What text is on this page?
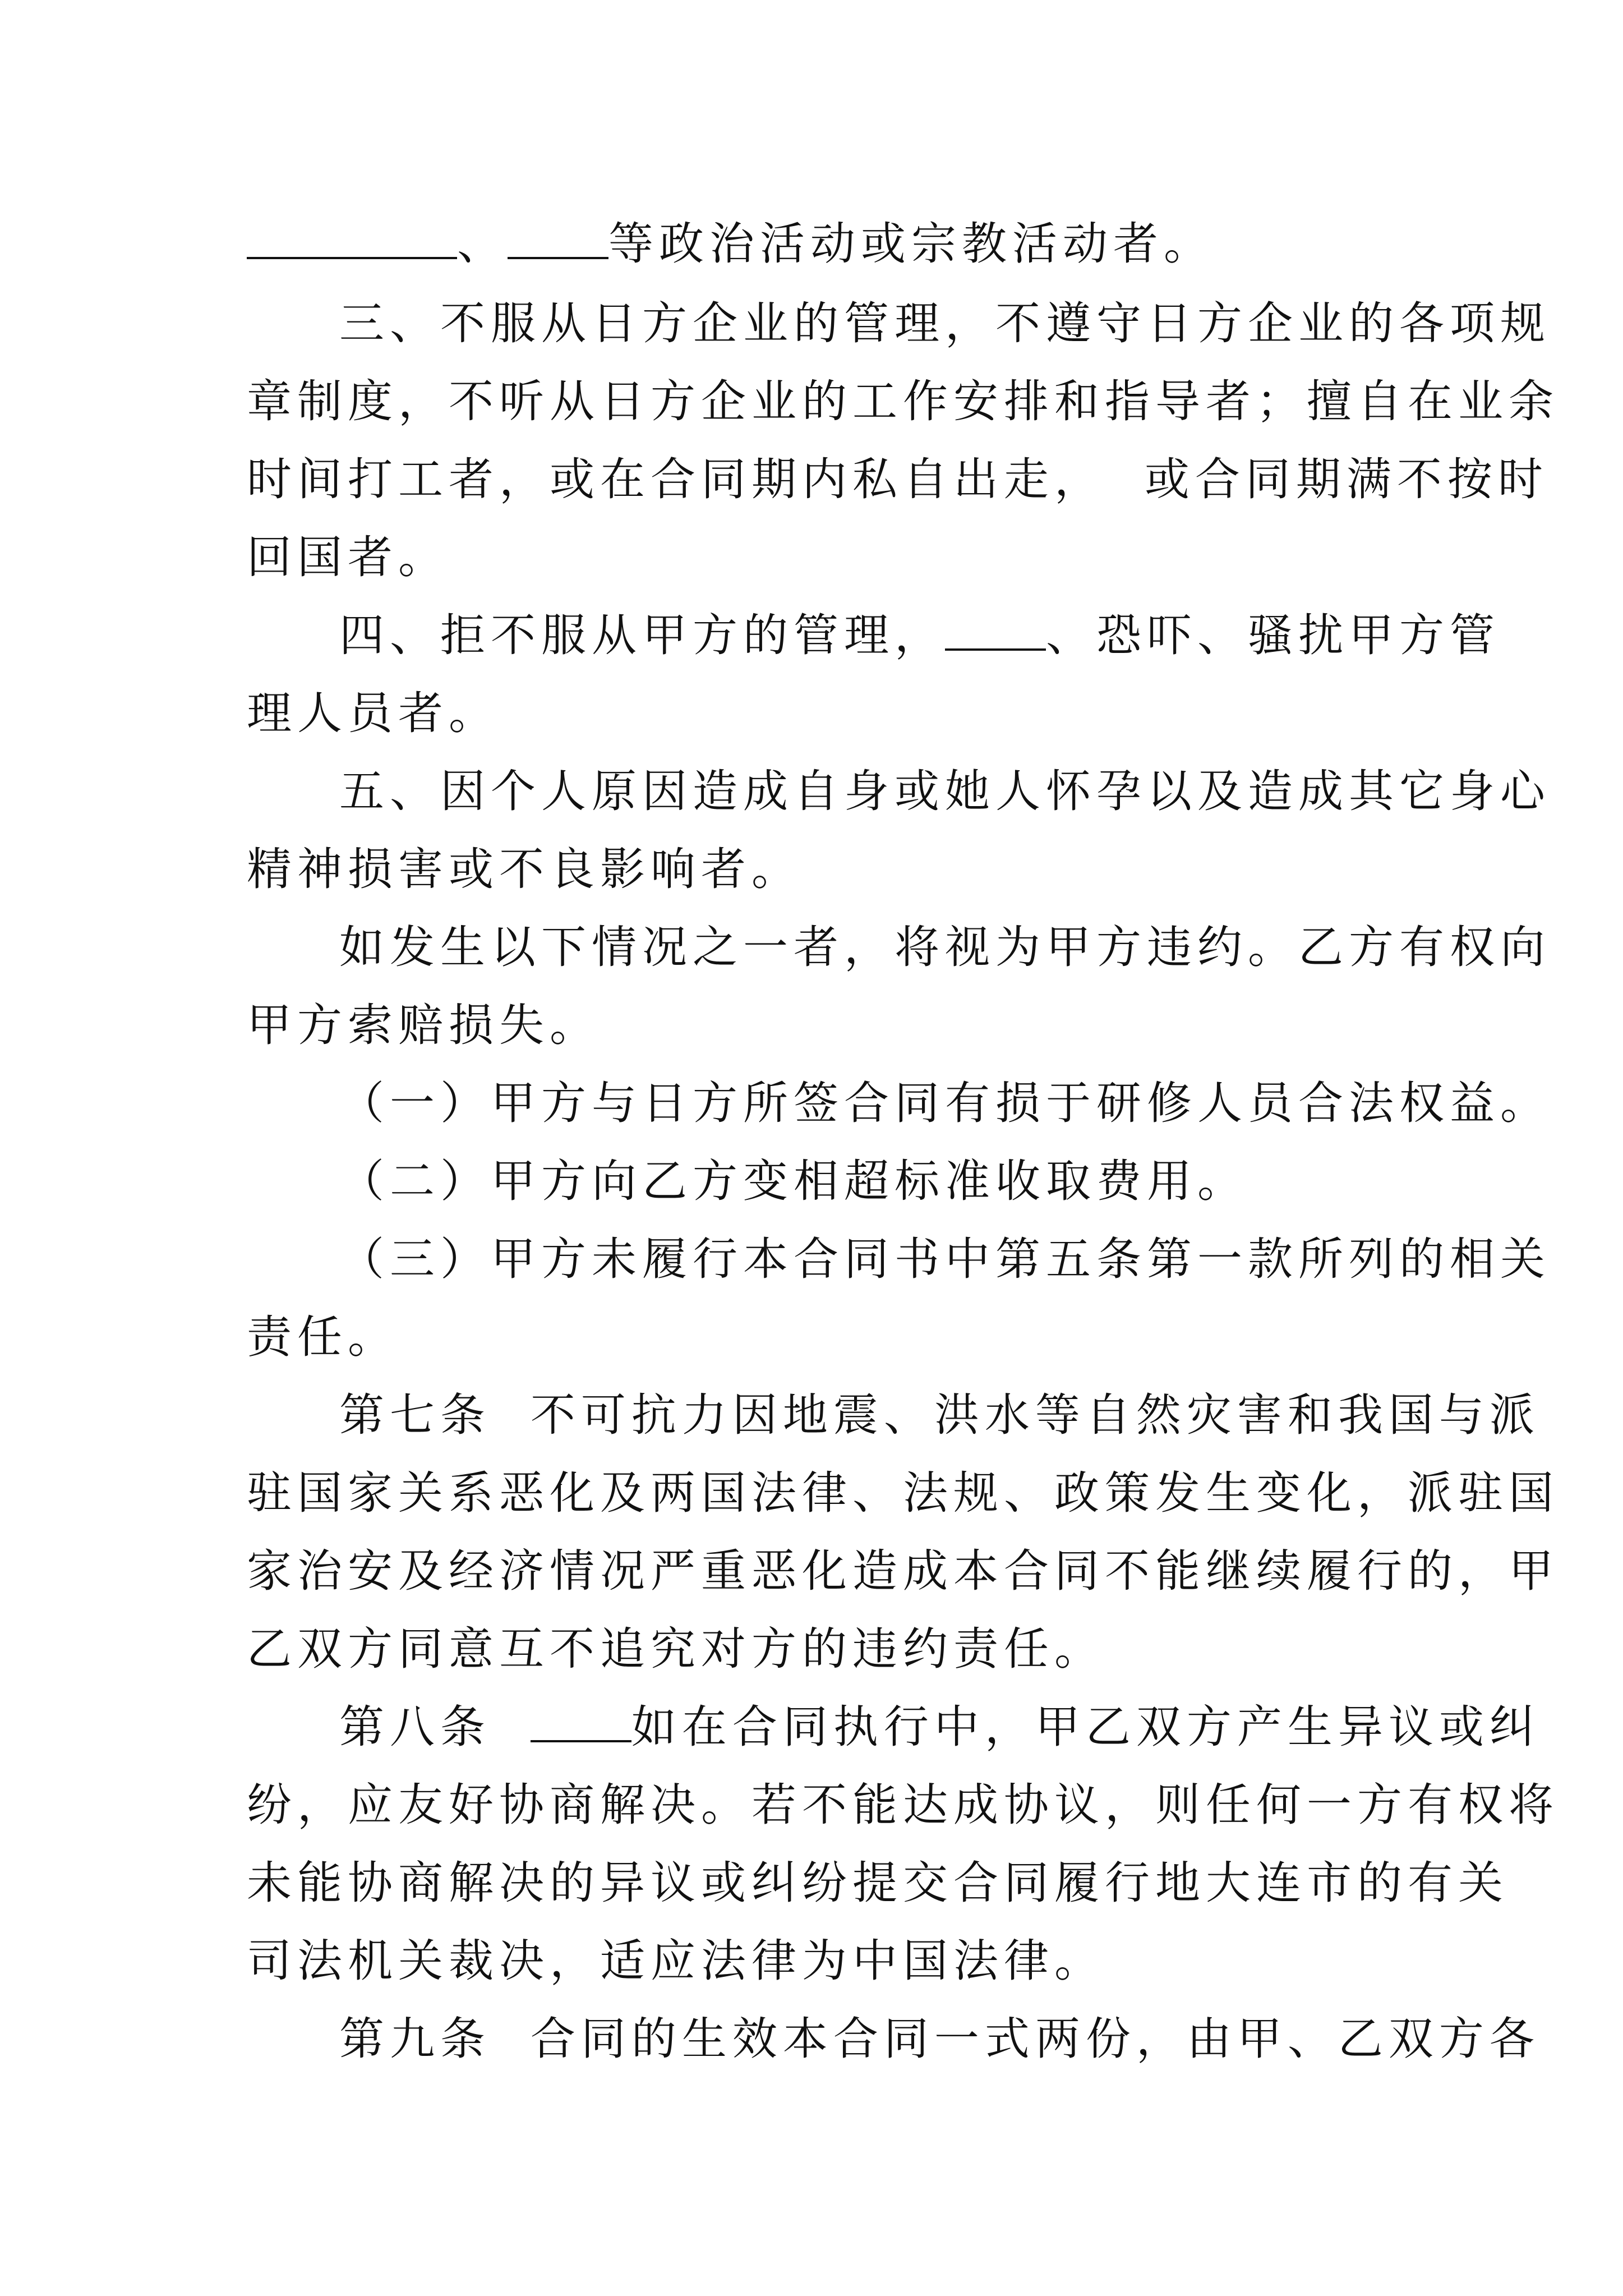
、 等政治活动或宗教活动者。
三、不服从日方企业的管理，不遵守日方企业的各项规
章制度，不听从日方企业的工作安排和指导者；擅自在业余
时间打工者，或在合同期内私自出走，  或合同期满不按时
回国者。
四、拒不服从甲方的管理， 、恐吓、骚扰甲方管
理人员者。
五、因个人原因造成自身或她人怀孕以及造成其它身心
精神损害或不良影响者。
如发生以下情况之一者，将视为甲方违约。乙方有权向
甲方索赔损失。
（一）甲方与日方所签合同有损于研修人员合法权益。
（二）甲方向乙方变相超标准收取费用。
（三）甲方未履行本合同书中第五条第一款所列的相关
责任。
第七条  不可抗力因地震、洪水等自然灾害和我国与派
驻国家关系恶化及两国法律、法规、政策发生变化，派驻国
家治安及经济情况严重恶化造成本合同不能继续履行的，甲
乙双方同意互不追究对方的违约责任。
第八条  如在合同执行中，甲乙双方产生异议或纠
纷，应友好协商解决。若不能达成协议，则任何一方有权将
未能协商解决的异议或纠纷提交合同履行地大连市的有关
司法机关裁决，适应法律为中国法律。
第九条  合同的生效本合同一式两份，由甲、乙双方各
